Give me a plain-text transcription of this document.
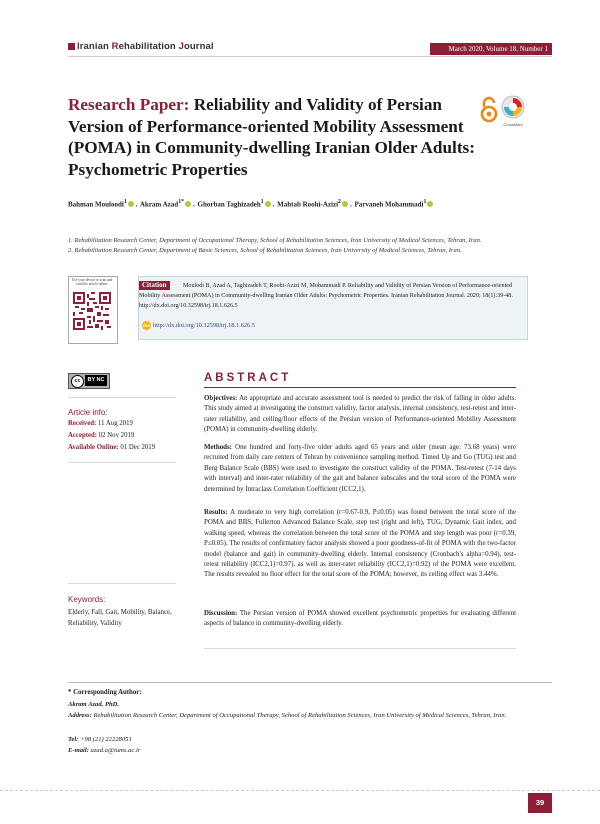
Iranian Rehabilitation Journal	March 2020, Volume 18, Number 1
Research Paper: Reliability and Validity of Persian Version of Performance-oriented Mobility Assessment (POMA) in Community-dwelling Iranian Older Adults: Psychometric Properties
CrossMark
Bahman Mouloodi$^1$ , Akram Azad$^{1*}$ , Ghorban Taghizadeh$^1$ , Mahtab Roohi-Azizi$^2$ , Parvaneh Mohammadi$^1$
1. Rehabilitation Research Center, Department of Occupational Therapy, School of Rehabilitation Sciences, Iran University of Medical Sciences, Tehran, Iran.
2. Rehabilitation Research Center, Department of Basic Sciences, School of Rehabilitation Sciences, Iran University of Medical Sciences, Tehran, Iran.
Use your device to scan and read the article online	Moulodi B, Azad A, Taghizadeh T, Roohi-Azizi M, Mohammadi P. Reliability and Validity of Persian Version of Performance-oriented Mobility Assessment (POMA) in Community-dwelling Iranian Older Adults: Psychometric Properties. Iranian Rehabilitation Journal. 2020; 18(1):39-48. http://dx.doi.org/10.32598/irj.18.1.626.5
Citation
doi http://dx.doi.org/10.32598/irj.18.1.626.5
cc	BY NC
Article info:
Received: 11 Aug 2019
Accepted: 02 Nov 2019
Available Online: 01 Dec 2019
Keywords:
Elderly, Fall, Gait, Mobility, Balance, Reliability, Validity
ABSTRACT
Objectives: An appropriate and accurate assessment tool is needed to predict the risk of falling in older adults. This study aimed at investigating the construct validity, factor analysis, internal consistency, test-retest and inter-rater reliability, and ceiling/floor effects of the Persian version of Performance-oriented Mobility Assessment (POMA) in community-dwelling elderly.
Methods: One hundred and forty-five older adults aged 65 years and older (mean age: 73.68 years) were recruited from daily care centers of Tehran by convenience sampling method. Timed Up and Go (TUG) test and Berg Balance Scale (BBS) were used to investigate the construct validity of the POMA. Test-retest (7-14 days with interval) and inter-rater reliability of the gait and balance subscales and the total score of the POMA were determined by Intraclass Correlation Coefficient (ICC2,1).
Results: A moderate to very high correlation (r=0.67-0.9, P≤0.05) was found between the total score of the POMA and BBS, Fullerton Advanced Balance Scale, step test (right and left), TUG, Dynamic Gait index, and walking speed, whereas the correlation between the total score of the POMA and step length was poor (r=0.39, P≤0.05). The results of confirmatory factor analysis showed a poor goodness-of-fit of POMA with the two-factor model (balance and gait) in community-dwelling elderly. Internal consistency (Cronbach's alpha=0.94), test-retest reliability (ICC2,1)=0.97), as well as inter-rater reliability (ICC2,1)=0.92) of the POMA were excellent. The results revealed no floor effect for the total score of the POMA; however, its ceiling effect was 3.44%.
Discussion: The Persian version of POMA showed excellent psychometric properties for evaluating different aspects of balance in community-dwelling elderly.
* Corresponding Author:
Akram Azad, PhD.
Address: Rehabilitation Research Center, Department of Occupational Therapy, School of Rehabilitation Sciences, Iran University of Medical Sciences, Tehran, Iran.
Tel: +98 (21) 22228051
E-mail: azad.a@iums.ac.ir
39
